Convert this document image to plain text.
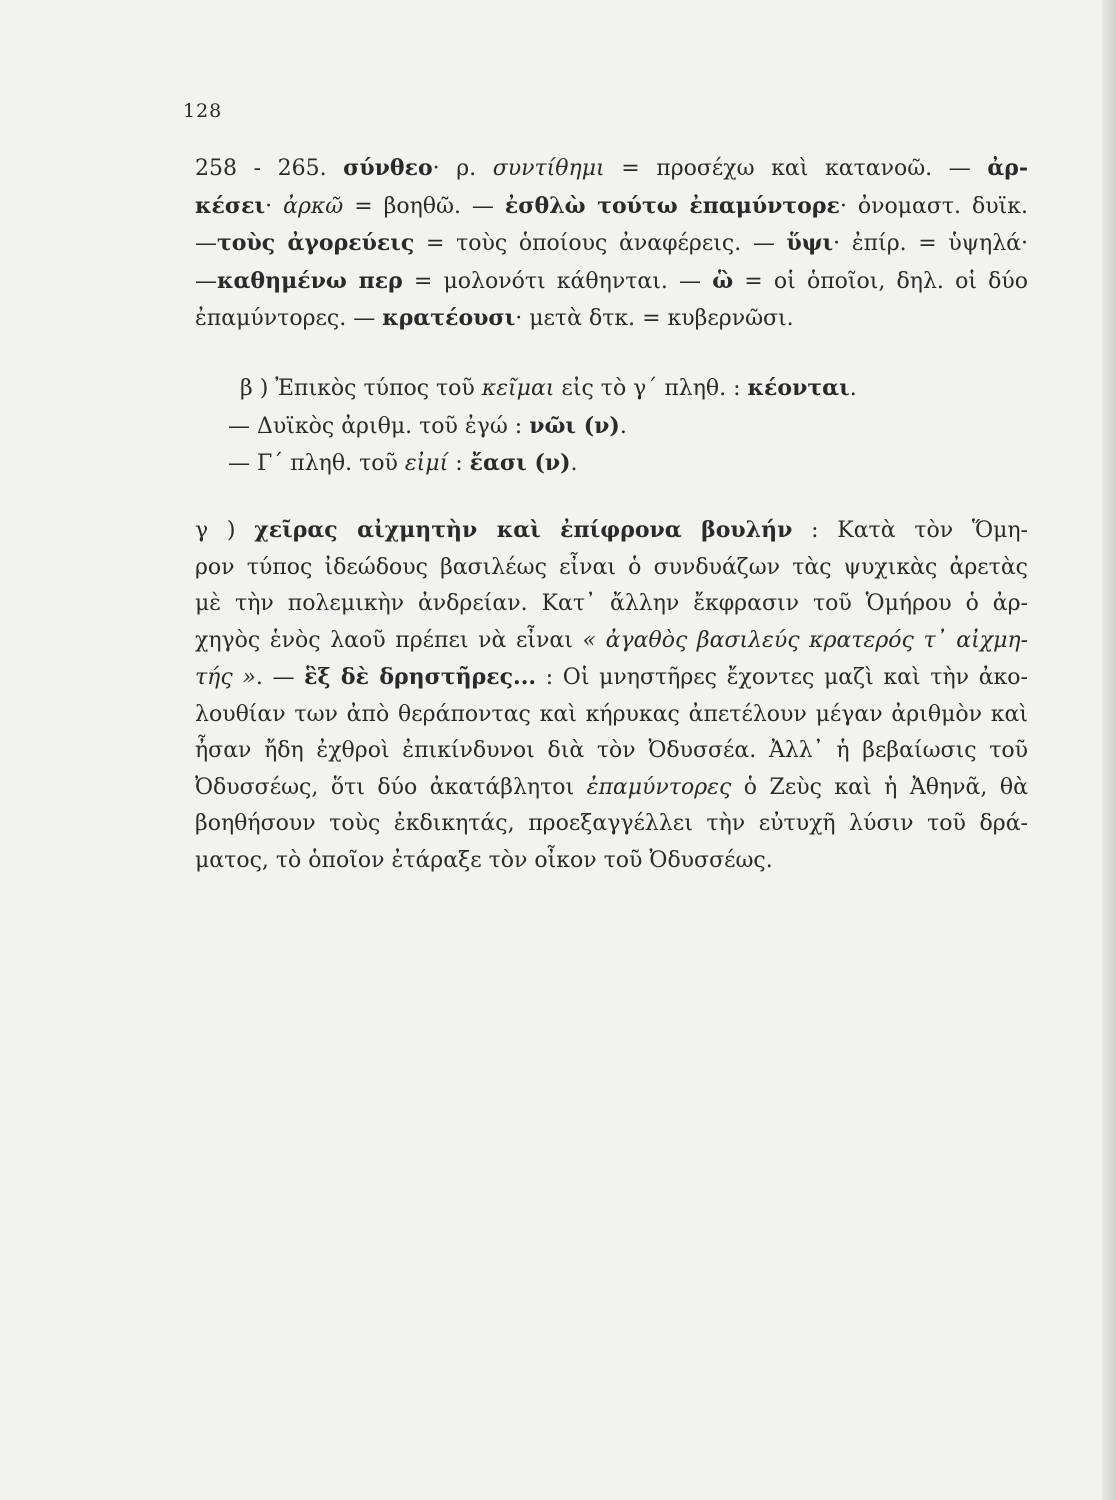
128
258 - 265. σύνθεο· ρ. συντίθημι = προσέχω καὶ κατανοῶ. — ἀρ-
κέσει· ἀρκῶ = βοηθῶ. — ἐσθλὼ τούτω ἐπαμύντορε· ὀνομαστ. δυϊκ.
—τοὺς ἀγορεύεις = τοὺς ὁποίους ἀναφέρεις. — ὕψι· ἐπίρ. = ὑψηλά·
—καθημένω περ = μολονότι κάθηνται. — ὣ = οἱ ὁποῖοι, δηλ. οἱ δύο
ἐπαμύντορες. — κρατέουσι· μετὰ δτκ. = κυβερνῶσι.
β ) Ἐπικὸς τύπος τοῦ κεῖμαι εἰς τὸ γ΄ πληθ. : κέονται.
— Δυϊκὸς ἀριθμ. τοῦ ἐγώ : νῶι (ν).
— Γ΄ πληθ. τοῦ εἰμί : ἔασι (ν).
γ ) χεῖρας αἰχμητὴν καὶ ἐπίφρονα βουλήν : Κατὰ τὸν Ὅμη-
ρον τύπος ἰδεώδους βασιλέως εἶναι ὁ συνδυάζων τὰς ψυχικὰς ἀρετὰς
μὲ τὴν πολεμικὴν ἀνδρείαν. Κατ᾽ ἄλλην ἔκφρασιν τοῦ Ὁμήρου ὁ ἀρ-
χηγὸς ἑνὸς λαοῦ πρέπει νὰ εἶναι « ἀγαθὸς βασιλεύς κρατερός τ᾽ αἰχμη-
τής ». — ἓξ δὲ δρηστῆρες... : Οἱ μνηστῆρες ἔχοντες μαζὶ καὶ τὴν ἀκο-
λουθίαν των ἀπὸ θεράποντας καὶ κήρυκας ἀπετέλουν μέγαν ἀριθμὸν καὶ
ἦσαν ἤδη ἐχθροὶ ἐπικίνδυνοι διὰ τὸν Ὀδυσσέα. Ἀλλ᾽ ἡ βεβαίωσις τοῦ
Ὀδυσσέως, ὅτι δύο ἀκατάβλητοι ἐπαμύντορες ὁ Ζεὺς καὶ ἡ Ἀθηνᾶ, θὰ
βοηθήσουν τοὺς ἐκδικητάς, προεξαγγέλλει τὴν εὐτυχῆ λύσιν τοῦ δρά-
ματος, τὸ ὁποῖον ἐτάραξε τὸν οἶκον τοῦ Ὀδυσσέως.
